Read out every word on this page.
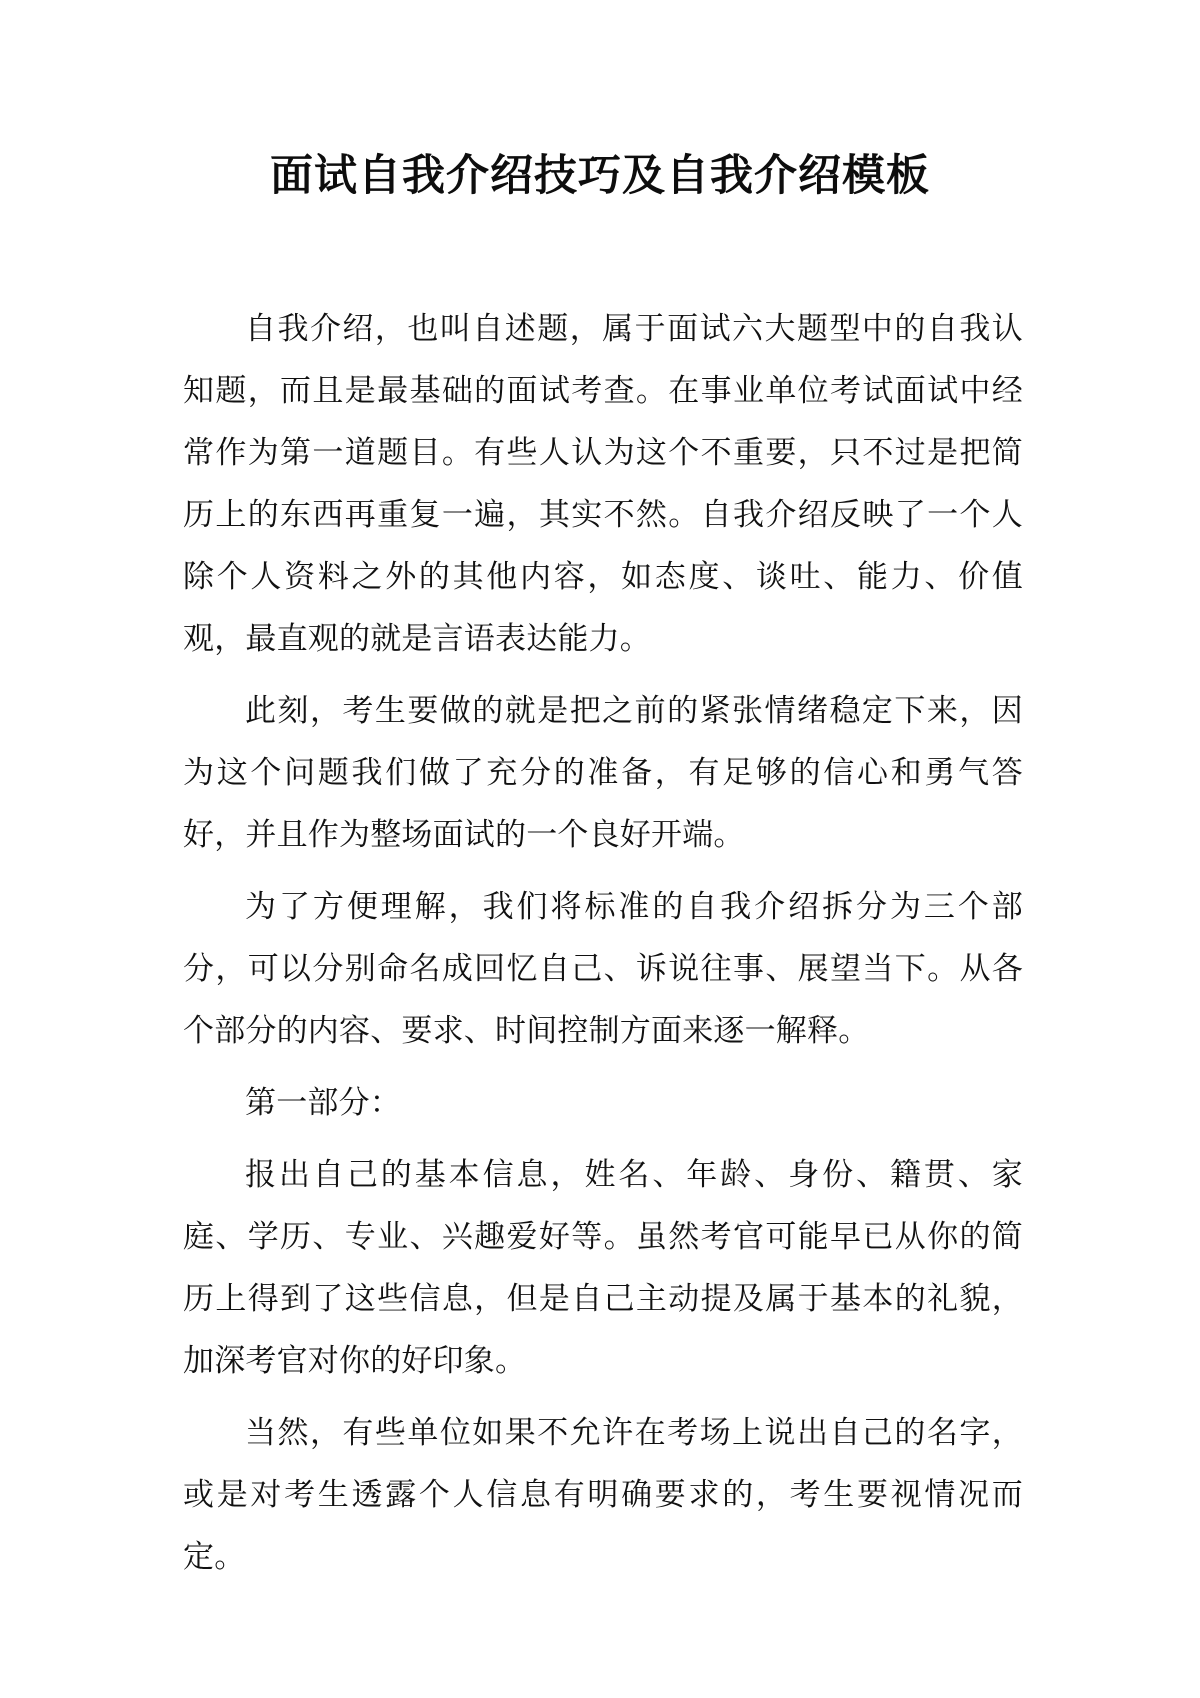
面试自我介绍技巧及自我介绍模板

自我介绍，也叫自述题，属于面试六大题型中的自我认知题，而且是最基础的面试考查。在事业单位考试面试中经常作为第一道题目。有些人认为这个不重要，只不过是把简历上的东西再重复一遍，其实不然。自我介绍反映了一个人除个人资料之外的其他内容，如态度、谈吐、能力、价值观，最直观的就是言语表达能力。

此刻，考生要做的就是把之前的紧张情绪稳定下来，因为这个问题我们做了充分的准备，有足够的信心和勇气答好，并且作为整场面试的一个良好开端。

为了方便理解，我们将标准的自我介绍拆分为三个部分，可以分别命名成回忆自己、诉说往事、展望当下。从各个部分的内容、要求、时间控制方面来逐一解释。

第一部分：

报出自己的基本信息，姓名、年龄、身份、籍贯、家庭、学历、专业、兴趣爱好等。虽然考官可能早已从你的简历上得到了这些信息，但是自己主动提及属于基本的礼貌，加深考官对你的好印象。

当然，有些单位如果不允许在考场上说出自己的名字，或是对考生透露个人信息有明确要求的，考生要视情况而定。
